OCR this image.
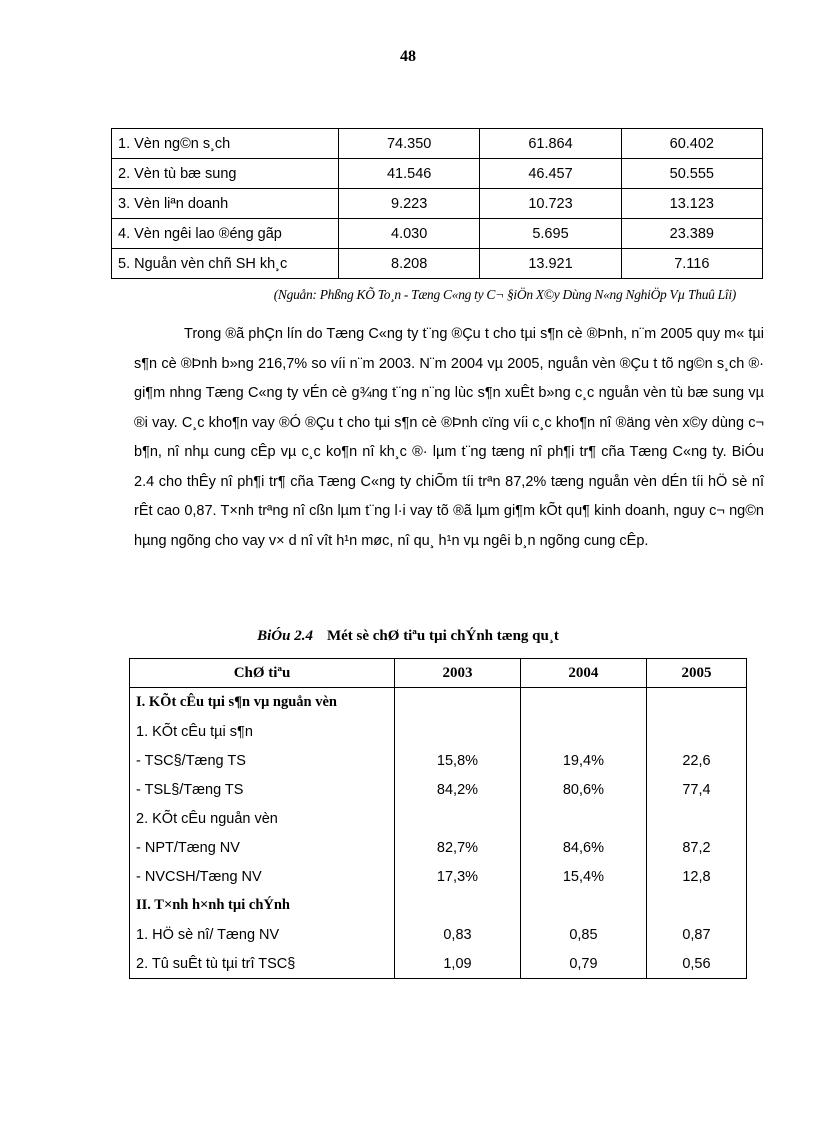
48
1. Vèn ng©n s¸ch	74.350	61.864	60.402
2. Vèn tù bæ sung	41.546	46.457	50.555
3. Vèn liªn doanh	9.223	10.723	13.123
4. Vèn ngêi lao ®éng gãp	4.030	5.695	23.389
5. Nguån vèn chñ SH kh¸c	8.208	13.921	7.116
(Nguån: Phßng KÕ To¸n - Tæng C«ng ty C¬ §iÖn X©y Dùng N«ng NghiÖp Vµ Thuû Lîi)

Trong ®ã phÇn lín do Tæng C«ng ty t¨ng ®Çu t cho tµi s¶n cè ®Þnh, n¨m 2005 quy m« tµi s¶n cè ®Þnh b»ng 216,7% so víi n¨m 2003. N¨m 2004 vµ 2005, nguån vèn ®Çu t tõ ng©n s¸ch ®· gi¶m nhng Tæng C«ng ty vÉn cè g¾ng t¨ng n¨ng lùc s¶n xuÊt b»ng c¸c nguån vèn tù bæ sung vµ ®i vay. C¸c kho¶n vay ®Ó ®Çu t cho tµi s¶n cè ®Þnh cïng víi c¸c kho¶n nî ®äng vèn x©y dùng c¬ b¶n, nî nhµ cung cÊp vµ c¸c ko¶n nî kh¸c ®· lµm t¨ng tæng nî ph¶i tr¶ cña Tæng C«ng ty. BiÓu 2.4 cho thÊy nî ph¶i tr¶ cña Tæng C«ng ty chiÕm tíi trªn 87,2% tæng nguån vèn dÉn tíi hÖ sè nî rÊt cao 0,87. T×nh trªng nî cßn lµm t¨ng l·i vay tõ ®ã lµm gi¶m kÕt qu¶ kinh doanh, nguy c¬ ng©n hµng ngõng cho vay v× d nî vît h¹n møc, nî qu¸ h¹n vµ ngêi b¸n ngõng cung cÊp.

BiÓu 2.4 Mét sè chØ tiªu tµi chÝnh tæng qu¸t
ChØ tiªu	2003	2004	2005
I. KÕt cÊu tµi s¶n vµ nguån vèn			
1. KÕt cÊu tµi s¶n			
- TSC§/Tæng TS	15,8%	19,4%	22,6
- TSL§/Tæng TS	84,2%	80,6%	77,4
2. KÕt cÊu nguån vèn			
- NPT/Tæng NV	82,7%	84,6%	87,2
- NVCSH/Tæng NV	17,3%	15,4%	12,8
II. T×nh h×nh tµi chÝnh			
1. HÖ sè nî/ Tæng NV	0,83	0,85	0,87
2. Tû suÊt tù tµi trî TSC§	1,09	0,79	0,56
